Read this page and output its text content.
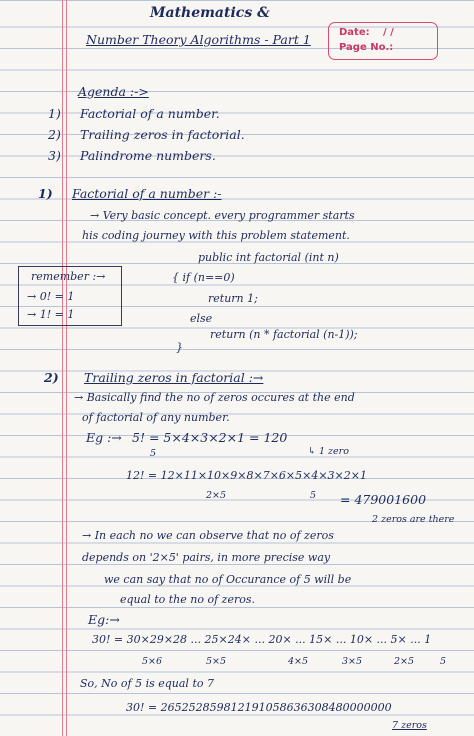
Mathematics &
Number Theory Algorithms - Part 1	Date: / /
Page No.:
Agenda :->
1) Factorial of a number.
2) Trailing zeros in factorial.
3) Palindrome numbers.
1) Factorial of a number :-
→ Very basic concept. every programmer starts
his coding journey with this problem statement.
public int factorial (int n)
{ if (n==0)
return 1;
else
return (n * factorial (n-1));
}
remember :→
→ 0! = 1
→ 1! = 1
2) Trailing zeros in factorial :→
→ Basically find the no of zeros occures at the end
of factorial of any number.
Eg :→ 5! = 5×4×3×2×1 = 120
5	↳ 1 zero
12! = 12×11×10×9×8×7×6×5×4×3×2×1
2×5	5 = 479001600
2 zeros are there
→ In each no we can observe that no of zeros
depends on '2×5' pairs, in more precise way
we can say that no of Occurance of 5 will be
equal to the no of zeros.
Eg:→
30! = 30×29×28 ... 25×24× ... 20× ... 15× ... 10× ... 5× ... 1
5×6	5×5	4×5	3×5	2×5	5
So, No of 5 is equal to 7
30! = 265252859812191058636308480000000
7 zeros
